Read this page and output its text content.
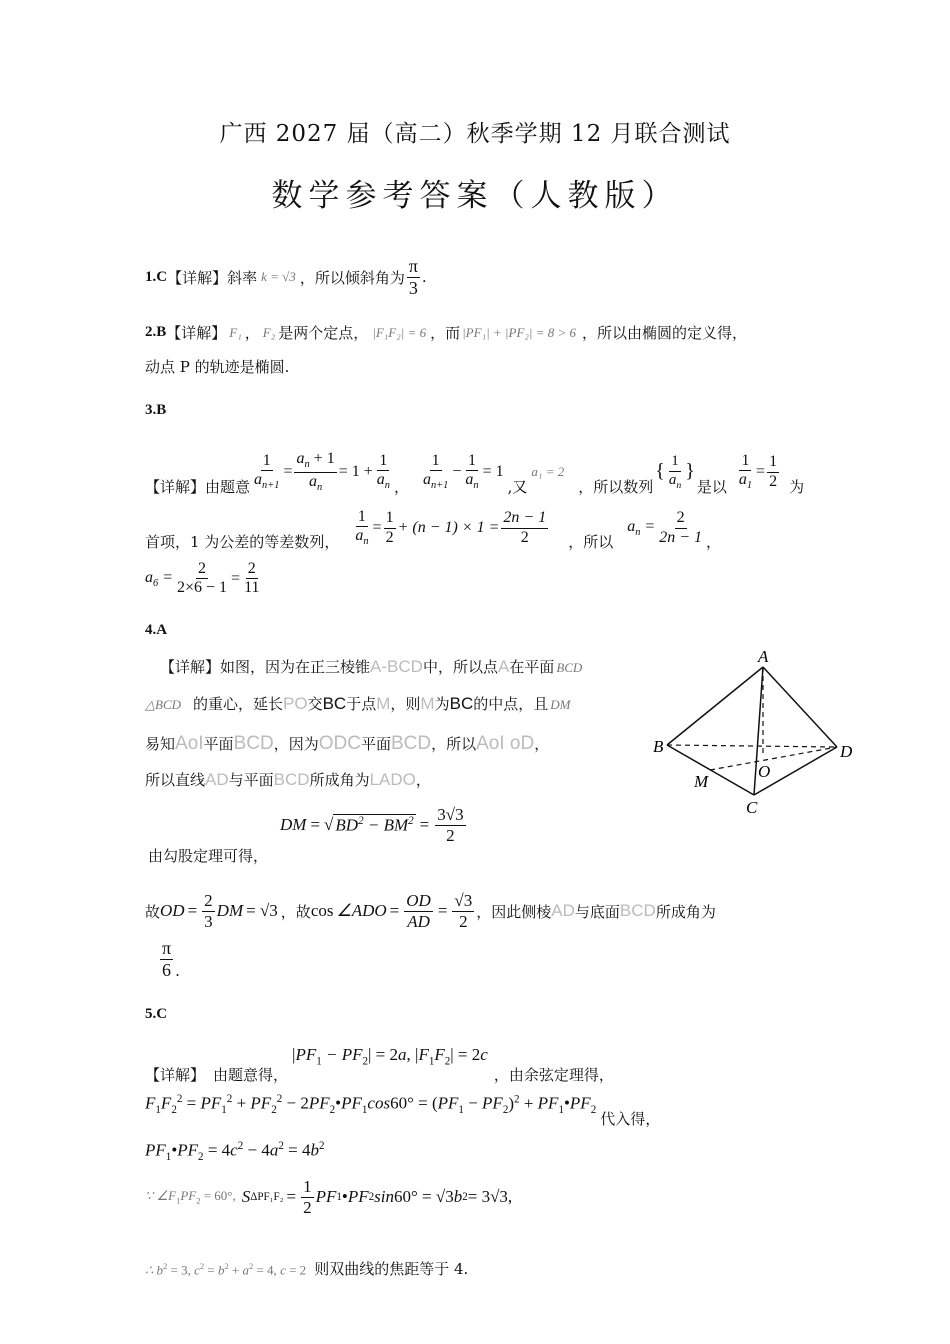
广西 2027 届（高二）秋季学期 12 月联合测试
数学参考答案（人教版）
1.C 【详解】 斜率 k = √3 ，所以倾斜角为 $\frac{\pi}{3}$ .
2.B 【详解】 F₁ ， F₂ 是两个定点， |F₁F₂| = 6 ，而 |PF₁| + |PF₂| = 8 > 6 ，所以由椭圆的定义得，
动点 P 的轨迹是椭圆.
3.B
【详解】 由题意 $\frac{1}{a_{n+1}} = \frac{a_n + 1}{a_n} = 1 + \frac{1}{a_n}$ ， $\frac{1}{a_{n+1}} - \frac{1}{a_n} = 1$
,又
a₁ = 2
，所以数列
{ $\frac{1}{a_n}$ }
是以 $\frac{1}{a_1} = \frac{1}{2}$ 为
首项，1 为公差的等差数列， $\frac{1}{a_n} = \frac{1}{2} + (n - 1) \times 1 = \frac{2n - 1}{2}$ ，所以
$a_n = \frac{2}{2n - 1}$ ，
$a_6 = \frac{2}{2\times 6 - 1} = \frac{2}{11}$
4.A
【详解】 如图，因为在正三棱锥 A-BCD 中，所以点 A 在平面 BCD
△BCD 的重心，延长 PO 交 BC 于点 M ，则 M 为 BC 的中点，且 DM
易知 AoI 平面 BCD ，因为 ODC 平面 BCD ，所以 AoI oD ，
所以直线 AD 与平面 BCD 所成角为 LADO ，
DM = √ $BD^2 - BM^2 = \frac{3√3}{2}$
由勾股定理可得，
故 OD = $\frac{2}{3}$ DM = √3 ，故 cos ∠ADO = $\frac{OD}{AD} = \frac{√3}{2}$ ，因此侧棱 AD 与底面 BCD 所成角为
$\frac{\pi}{6}$ .
A
B	D
M
O
C
5.C
【详解】 由题意得，
$|PF_1 - PF_2| = 2a$, $|F_1F_2| = 2c$
，由余弦定理得，
$F_1F_2^2 = PF_1^2 + PF_2^2$ − $2PF_2•PF_1\cos 60^\circ = (PF_1 - PF_2)^2$ + $PF_1•PF_2$ 代入得，
$PF_1•PF_2 = 4c^2 - 4a^2 = 4b^2$
∵ $\angle F_1PF_2 = 60^\circ$, S $\Delta PF_1F_2 = \frac{1}{2}$ PF 1 • PF 2 sin 60° = √3 b 2 = 3√3,
∴ $b^2 = 3$, $c^2 = b^2 + a^2 = 4$, c = 2 则双曲线的焦距等于 4.
